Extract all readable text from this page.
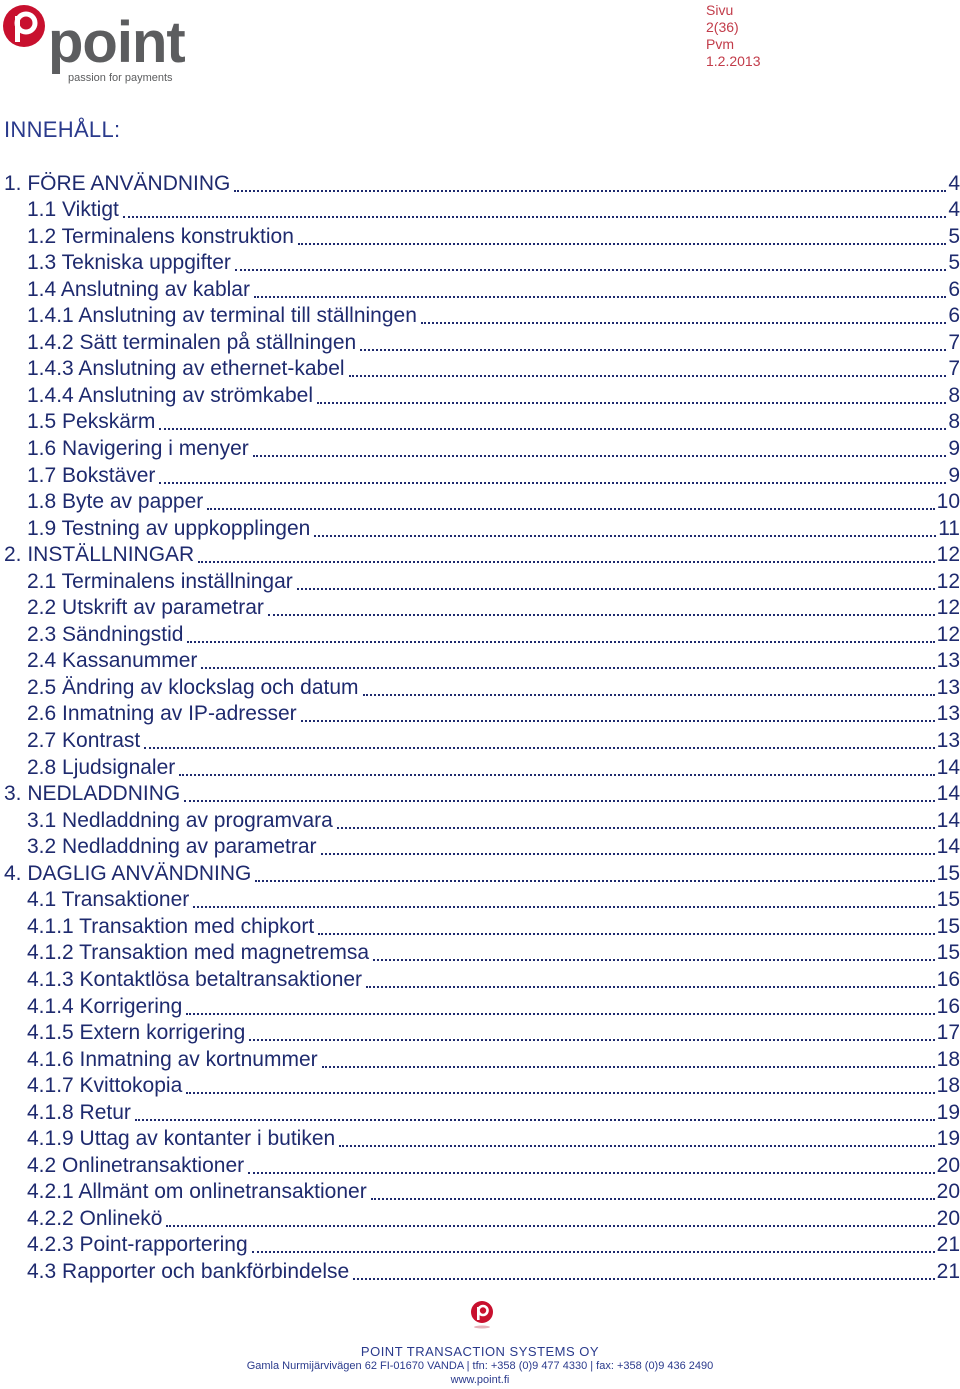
point
passion for payments
Sivu
2(36)
Pvm
1.2.2013
INNEHÅLL:
1. FÖRE ANVÄNDNING	4
1.1 Viktigt	4
1.2 Terminalens konstruktion	5
1.3 Tekniska uppgifter	5
1.4 Anslutning av kablar	6
1.4.1 Anslutning av terminal till ställningen	6
1.4.2 Sätt terminalen på ställningen	7
1.4.3 Anslutning av ethernet-kabel	7
1.4.4 Anslutning av strömkabel	8
1.5 Pekskärm	8
1.6 Navigering i menyer	9
1.7 Bokstäver	9
1.8 Byte av papper	10
1.9 Testning av uppkopplingen	11
2. INSTÄLLNINGAR	12
2.1 Terminalens inställningar	12
2.2 Utskrift av parametrar	12
2.3 Sändningstid	12
2.4 Kassanummer	13
2.5 Ändring av klockslag och datum	13
2.6 Inmatning av IP-adresser	13
2.7 Kontrast	13
2.8 Ljudsignaler	14
3. NEDLADDNING	14
3.1 Nedladdning av programvara	14
3.2 Nedladdning av parametrar	14
4. DAGLIG ANVÄNDNING	15
4.1 Transaktioner	15
4.1.1 Transaktion med chipkort	15
4.1.2 Transaktion med magnetremsa	15
4.1.3 Kontaktlösa betaltransaktioner	16
4.1.4 Korrigering	16
4.1.5 Extern korrigering	17
4.1.6 Inmatning av kortnummer	18
4.1.7 Kvittokopia	18
4.1.8 Retur	19
4.1.9 Uttag av kontanter i butiken	19
4.2 Onlinetransaktioner	20
4.2.1 Allmänt om onlinetransaktioner	20
4.2.2 Onlinekö	20
4.2.3 Point-rapportering	21
4.3 Rapporter och bankförbindelse	21
POINT TRANSACTION SYSTEMS OY
Gamla Nurmijärvivägen 62 FI-01670 VANDA | tfn: +358 (0)9 477 4330 | fax: +358 (0)9 436 2490
www.point.fi
